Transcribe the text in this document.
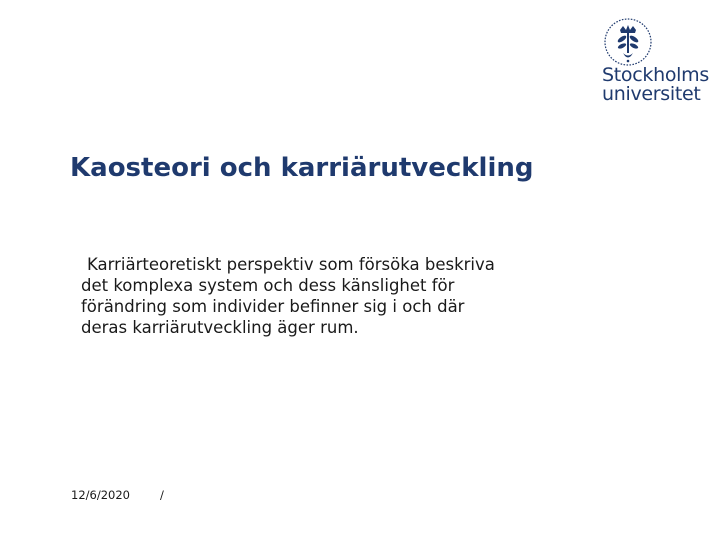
Stockholms
universitet
Kaosteori och karriärutveckling
Karriärteoretiskt perspektiv som försöka beskriva
det komplexa system och dess känslighet för
förändring som individer befinner sig i och där
deras karriärutveckling äger rum.
12/6/2020	/
